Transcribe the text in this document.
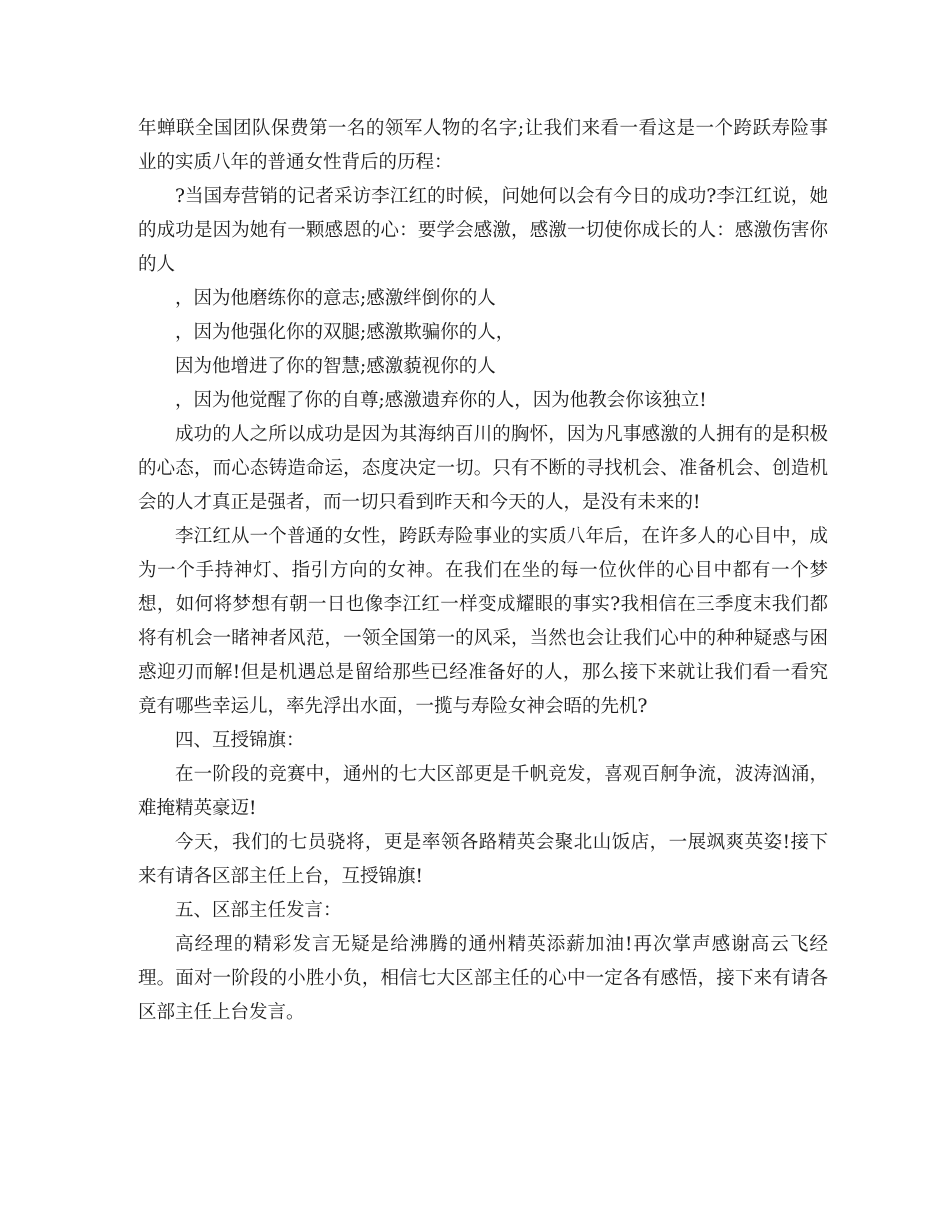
年蝉联全国团队保费第一名的领军人物的名字;让我们来看一看这是一个跨跃寿险事业的实质八年的普通女性背后的历程：

?当国寿营销的记者采访李江红的时候，问她何以会有今日的成功?李江红说，她的成功是因为她有一颗感恩的心：要学会感激，感激一切使你成长的人：感激伤害你的人

，因为他磨练你的意志;感激绊倒你的人

，因为他强化你的双腿;感激欺骗你的人，

因为他增进了你的智慧;感激藐视你的人

，因为他觉醒了你的自尊;感激遗弃你的人，因为他教会你该独立!

成功的人之所以成功是因为其海纳百川的胸怀，因为凡事感激的人拥有的是积极的心态，而心态铸造命运，态度决定一切。只有不断的寻找机会、准备机会、创造机会的人才真正是强者，而一切只看到昨天和今天的人，是没有未来的!

李江红从一个普通的女性，跨跃寿险事业的实质八年后，在许多人的心目中，成为一个手持神灯、指引方向的女神。在我们在坐的每一位伙伴的心目中都有一个梦想，如何将梦想有朝一日也像李江红一样变成耀眼的事实?我相信在三季度末我们都将有机会一睹神者风范，一领全国第一的风采，当然也会让我们心中的种种疑惑与困惑迎刃而解!但是机遇总是留给那些已经准备好的人，那么接下来就让我们看一看究竟有哪些幸运儿，率先浮出水面，一揽与寿险女神会晤的先机?

四、互授锦旗：

在一阶段的竞赛中，通州的七大区部更是千帆竞发，喜观百舸争流，波涛汹涌，难掩精英豪迈!

今天，我们的七员骁将，更是率领各路精英会聚北山饭店，一展飒爽英姿!接下来有请各区部主任上台，互授锦旗!

五、区部主任发言：

高经理的精彩发言无疑是给沸腾的通州精英添薪加油!再次掌声感谢高云飞经理。面对一阶段的小胜小负，相信七大区部主任的心中一定各有感悟，接下来有请各区部主任上台发言。
